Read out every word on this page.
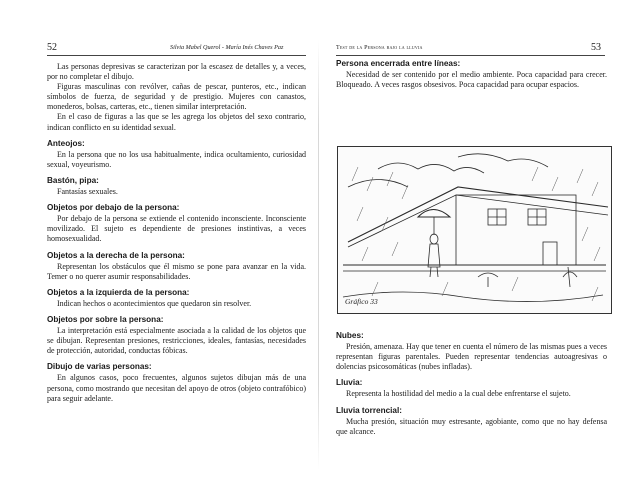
52	Silvia Mabel Querol - María Inés Chaves Paz

Las personas depresivas se caracterizan por la escasez de detalles y, a veces, por no completar el dibujo.

Figuras masculinas con revólver, cañas de pescar, punteros, etc., indican símbolos de fuerza, de seguridad y de prestigio. Mujeres con canastos, monederos, bolsas, carteras, etc., tienen similar interpretación.

En el caso de figuras a las que se les agrega los objetos del sexo contrario, indican conflicto en su identidad sexual.

Anteojos:

En la persona que no los usa habitualmente, indica ocultamiento, curiosidad sexual, voyeurismo.

Bastón, pipa:

Fantasías sexuales.

Objetos por debajo de la persona:

Por debajo de la persona se extiende el contenido inconsciente. Inconsciente movilizado. El sujeto es dependiente de presiones instintivas, a veces homosexualidad.

Objetos a la derecha de la persona:

Representan los obstáculos que él mismo se pone para avanzar en la vida. Temer o no querer asumir responsabilidades.

Objetos a la izquierda de la persona:

Indican hechos o acontecimientos que quedaron sin resolver.

Objetos por sobre la persona:

La interpretación está especialmente asociada a la calidad de los objetos que se dibujan. Representan presiones, restricciones, ideales, fantasías, necesidades de protección, autoridad, conductas fóbicas.

Dibujo de varias personas:

En algunos casos, poco frecuentes, algunos sujetos dibujan más de una persona, como mostrando que necesitan del apoyo de otros (objeto contrafóbico) para seguir adelante.

Test de la Persona bajo la lluvia	53
Persona encerrada entre líneas:

Necesidad de ser contenido por el medio ambiente. Poca capacidad para crecer. Bloqueado. A veces rasgos obsesivos. Poca capacidad para ocupar espacios.

Nubes:

Presión, amenaza. Hay que tener en cuenta el número de las mismas pues a veces representan figuras parentales. Pueden representar tendencias autoagresivas o dolencias psicosomáticas (nubes infladas).

Lluvia:

Representa la hostilidad del medio a la cual debe enfrentarse el sujeto.

Lluvia torrencial:

Mucha presión, situación muy estresante, agobiante, como que no hay defensa que alcance.

Gráfico 33
